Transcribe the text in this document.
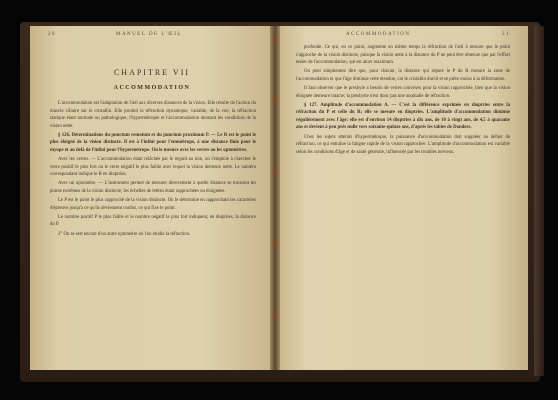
20	MANUEL DE L'ŒIL
CHAPITRE VII
ACCOMMODATION

L'accommodation est l'adaptation de l'œil aux diverses distances de la vision. Elle résulte de l'action du muscle ciliaire sur le cristallin. Elle produit la réfraction dynamique, variable, de la vue; la réfraction statique étant normale ou pathologique, l'hypermétropie et l'accommodation donnant les conditions de la vision nette.

§ 126. Déterminations du punctum remotum et du punctum proximum P. — Le R est le point le plus éloigné de la vision distincte. Il est à l'infini pour l'emmétrope, à une distance finie pour le myope et au delà de l'infini pour l'hypermétrope. On le mesure avec les verres ou les optomètres.

Avec les verres. — L'accommodation étant relâchée par le regard au loin, on l'emploie à chercher le verre positif le plus fort ou le verre négatif le plus faible avec lequel la vision demeure nette. Le numéro correspondant indique le R en dioptries.

Avec un optomètre. — L'instrument permet de mesurer directement à quelle distance se trouvent les points extrêmes de la vision distincte, les échelles de lettres étant rapprochées ou éloignées.

Le P est le point le plus rapproché de la vision distincte. On le détermine en rapprochant les caractères d'épreuve jusqu'à ce qu'ils deviennent confus, ce qui fixe le point.

Le nombre positif P le plus faible et le nombre négatif le plus fort indiquent, en dioptries, la distance du P.

2° On se sert encore d'un autre optomètre où l'on étudie la réfraction.

ACCOMMODATION	21

profonde. Ce qui, en ce point, augmente en même temps la réfraction de l'œil à mesure que le point s'approche de la vision distincte, puisque la vision nette à la distance du P ne peut être obtenue que par l'effort entier de l'accommodation, qui est alors maximum.

On peut simplement dire que, pour chacun, la distance qui sépare le P du R mesure la zone de l'accommodation et que l'âge diminue cette étendue, car le cristallin durcit et se prête moins à la déformation.

Il faut observer que le presbyte a besoin de verres convexes pour la vision rapprochée, bien que la vision éloignée demeure intacte; la presbytie n'est donc pas une anomalie de réfraction.

§ 127. Amplitude d'accommodation A. — C'est la différence exprimée en dioptries entre la réfraction du P et celle du R; elle se mesure en dioptries. L'amplitude d'accommodation diminue régulièrement avec l'âge: elle est d'environ 14 dioptries à dix ans, de 10 à vingt ans, de 4,5 à quarante ans et devient à peu près nulle vers soixante-quinze ans, d'après les tables de Donders.

Chez les sujets atteints d'hypermétropie, la puissance d'accommodation doit suppléer au défaut de réfraction, ce qui entraîne la fatigue rapide de la vision rapprochée. L'amplitude d'accommodation est variable selon les conditions d'âge et de santé générale, influencée par les troubles nerveux.
